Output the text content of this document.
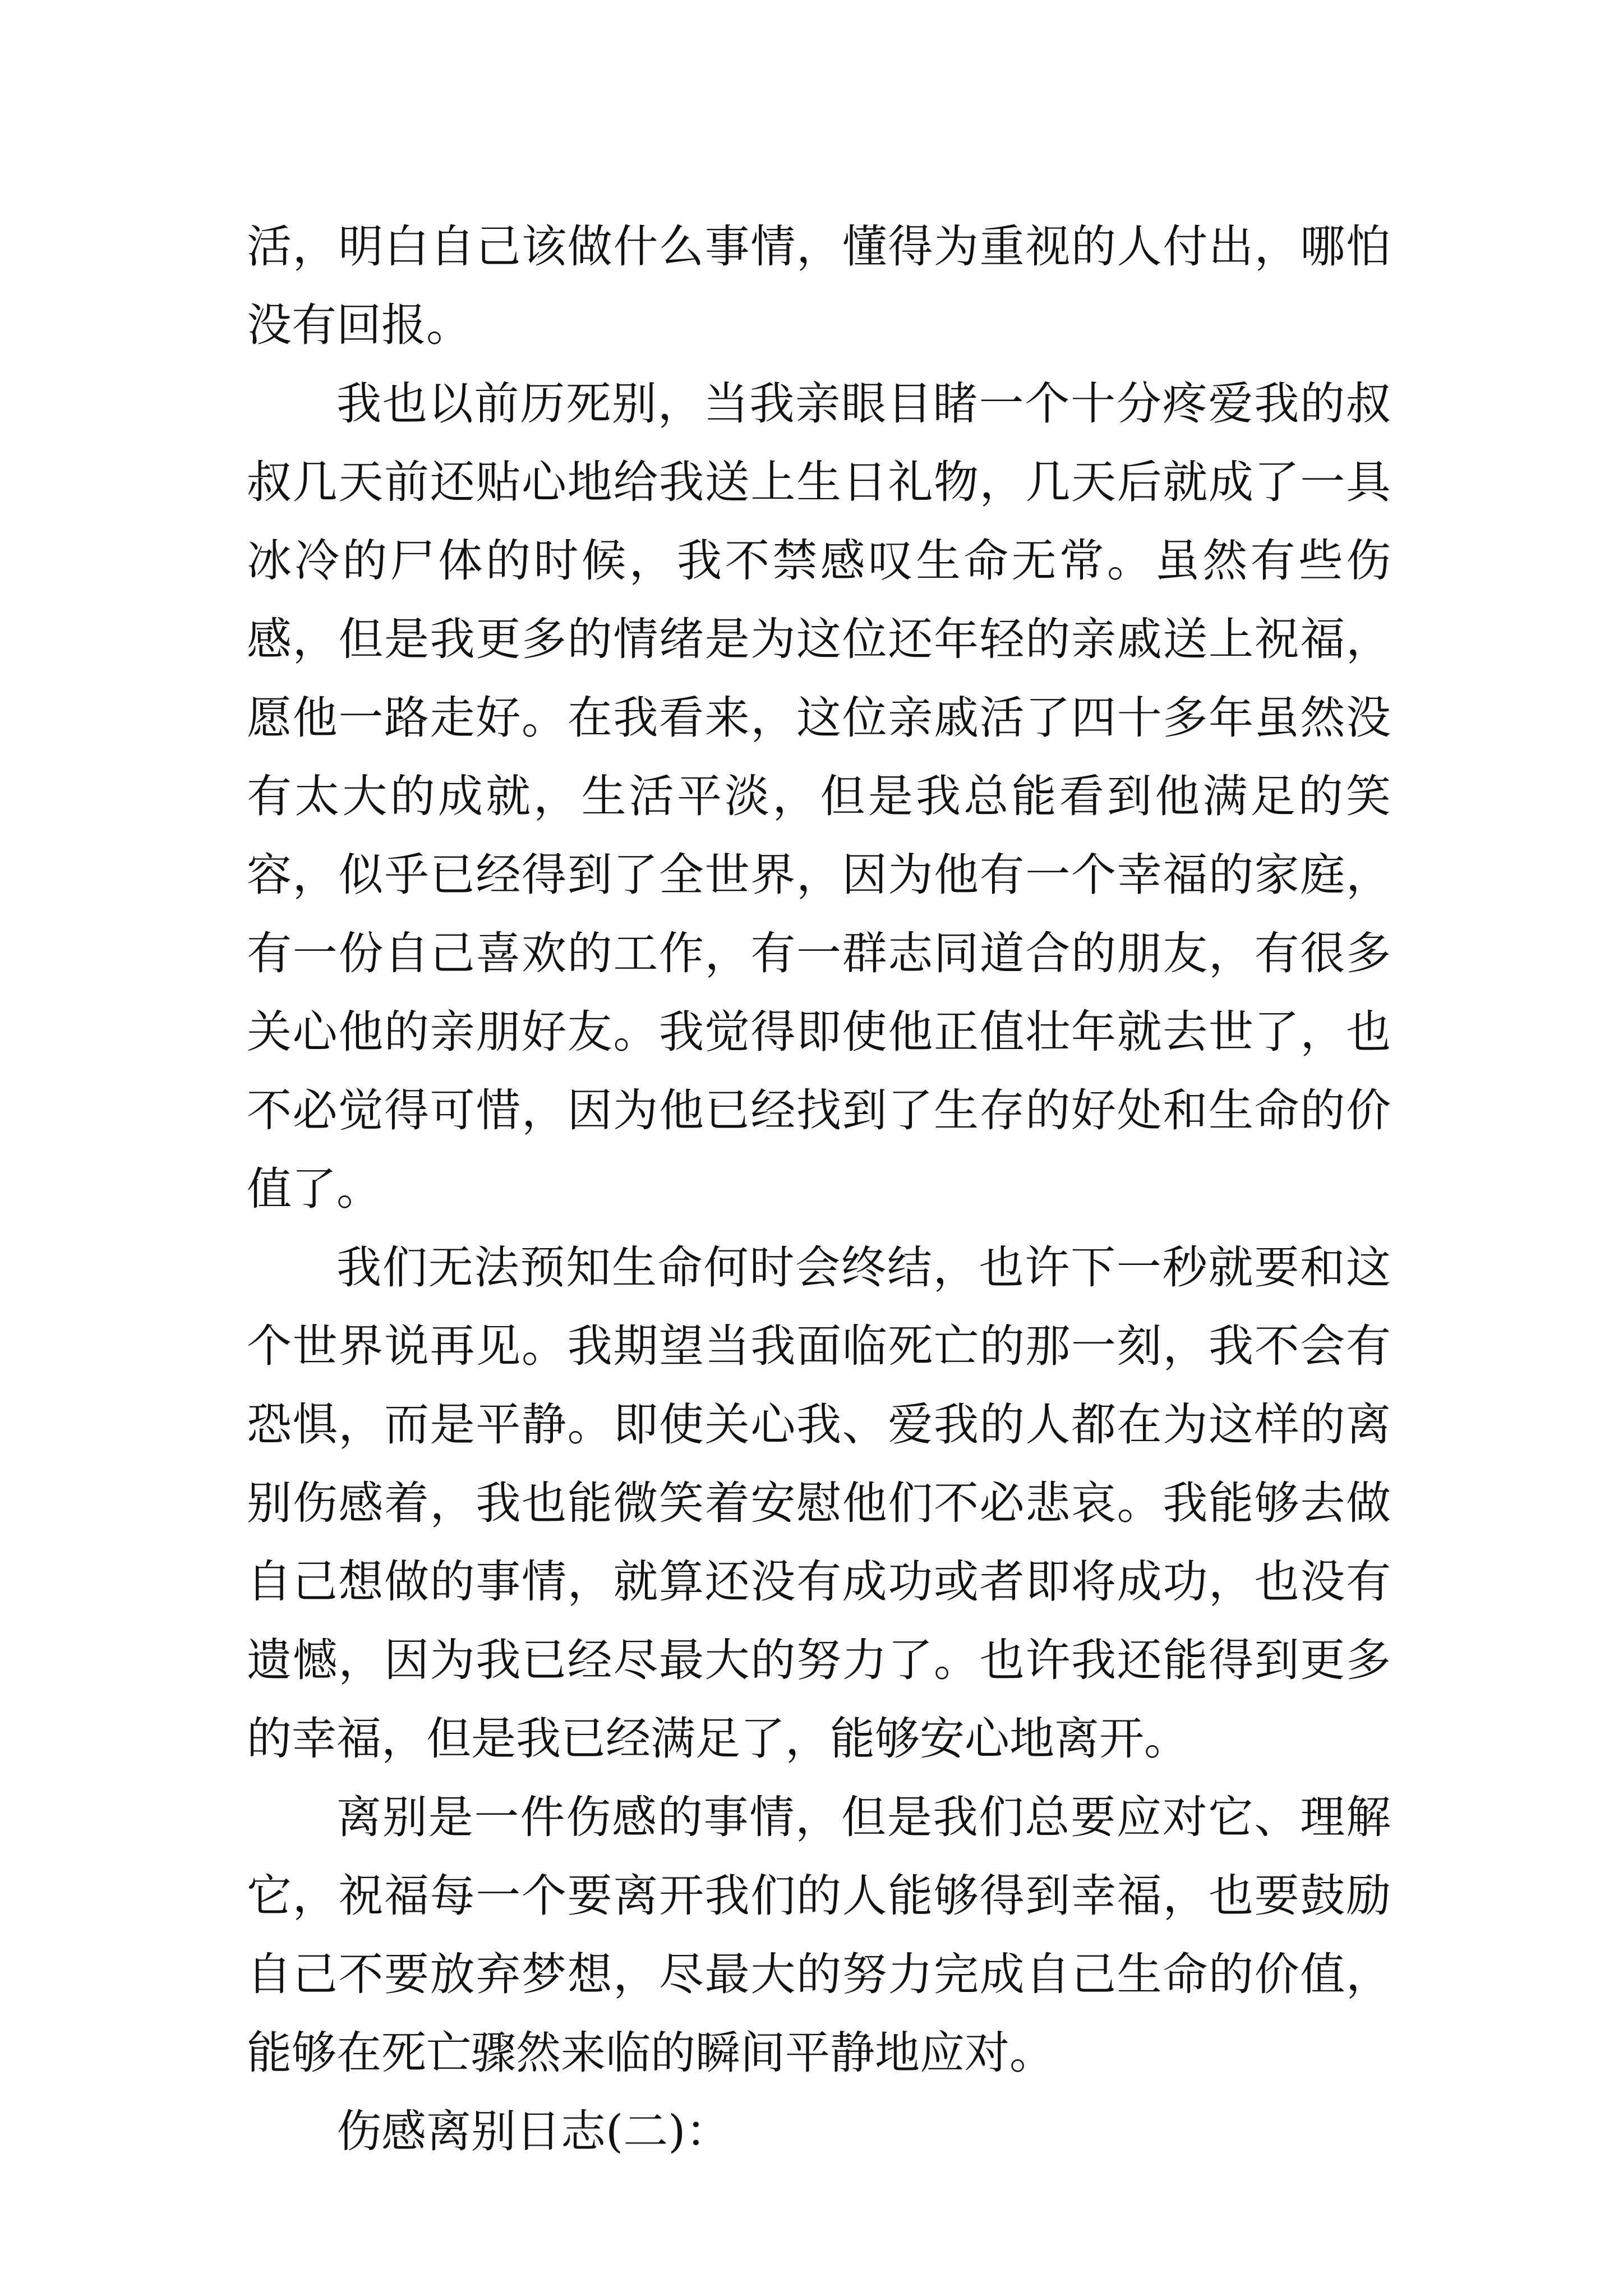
活，明白自己该做什么事情，懂得为重视的人付出，哪怕没有回报。

我也以前历死别，当我亲眼目睹一个十分疼爱我的叔叔几天前还贴心地给我送上生日礼物，几天后就成了一具冰冷的尸体的时候，我不禁感叹生命无常。虽然有些伤感，但是我更多的情绪是为这位还年轻的亲戚送上祝福，愿他一路走好。在我看来，这位亲戚活了四十多年虽然没有太大的成就，生活平淡，但是我总能看到他满足的笑容，似乎已经得到了全世界，因为他有一个幸福的家庭，有一份自己喜欢的工作，有一群志同道合的朋友，有很多关心他的亲朋好友。我觉得即使他正值壮年就去世了，也不必觉得可惜，因为他已经找到了生存的好处和生命的价值了。

我们无法预知生命何时会终结，也许下一秒就要和这个世界说再见。我期望当我面临死亡的那一刻，我不会有恐惧，而是平静。即使关心我、爱我的人都在为这样的离别伤感着，我也能微笑着安慰他们不必悲哀。我能够去做自己想做的事情，就算还没有成功或者即将成功，也没有遗憾，因为我已经尽最大的努力了。也许我还能得到更多的幸福，但是我已经满足了，能够安心地离开。

离别是一件伤感的事情，但是我们总要应对它、理解它，祝福每一个要离开我们的人能够得到幸福，也要鼓励自己不要放弃梦想，尽最大的努力完成自己生命的价值，能够在死亡骤然来临的瞬间平静地应对。

伤感离别日志(二)：
